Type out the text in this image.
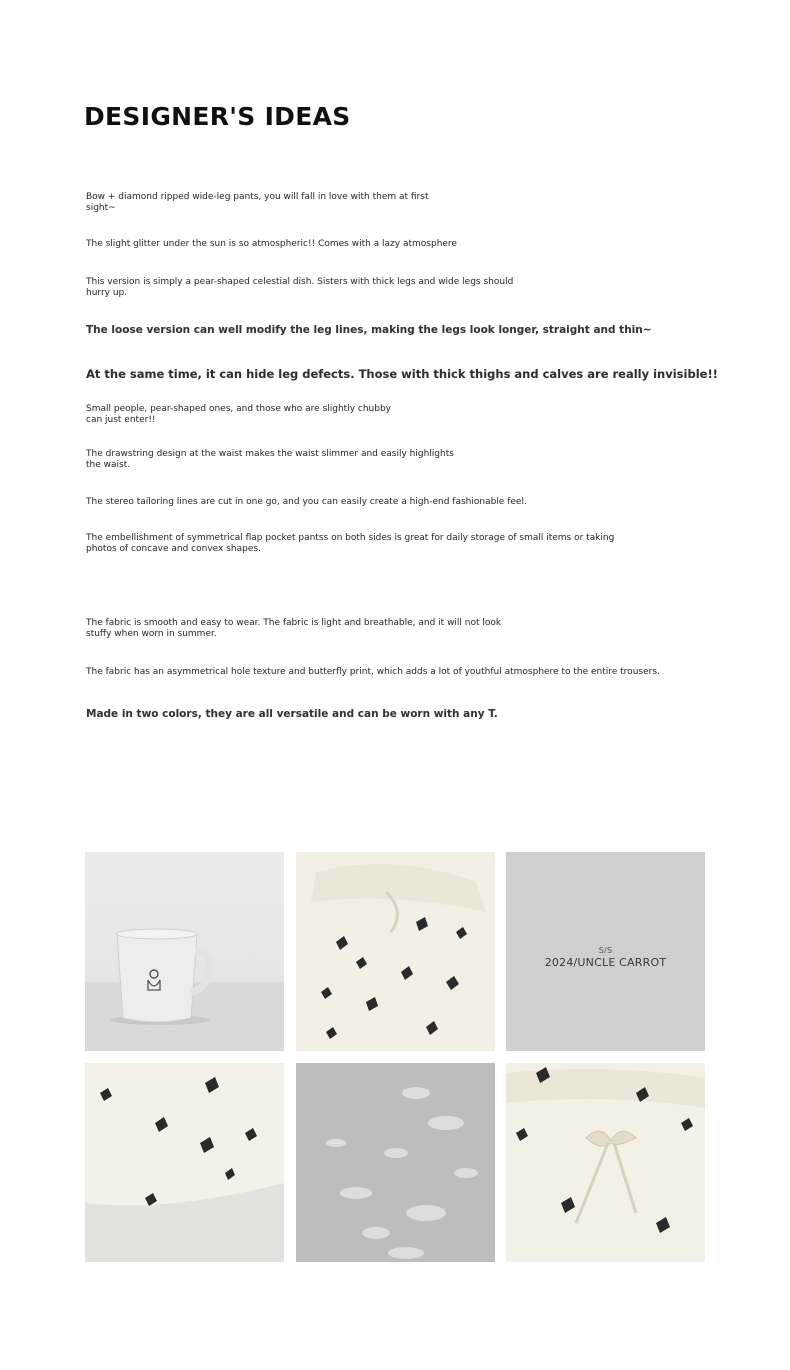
DESIGNER'S IDEAS

Bow + diamond ripped wide-leg pants, you will fall in love with them at first sight~

The slight glitter under the sun is so atmospheric!! Comes with a lazy atmosphere

This version is simply a pear-shaped celestial dish. Sisters with thick legs and wide legs should hurry up.

The loose version can well modify the leg lines, making the legs look longer, straight and thin~

At the same time, it can hide leg defects. Those with thick thighs and calves are really invisible!!

Small people, pear-shaped ones, and those who are slightly chubby can just enter!!

The drawstring design at the waist makes the waist slimmer and easily highlights the waist.

The stereo tailoring lines are cut in one go, and you can easily create a high-end fashionable feel.

The embellishment of symmetrical flap pocket pantss on both sides is great for daily storage of small items or taking photos of concave and convex shapes.

The fabric is smooth and easy to wear. The fabric is light and breathable, and it will not look stuffy when worn in summer.

The fabric has an asymmetrical hole texture and butterfly print, which adds a lot of youthful atmosphere to the entire trousers.

Made in two colors, they are all versatile and can be worn with any T.

S/S
2024/UNCLE CARROT
